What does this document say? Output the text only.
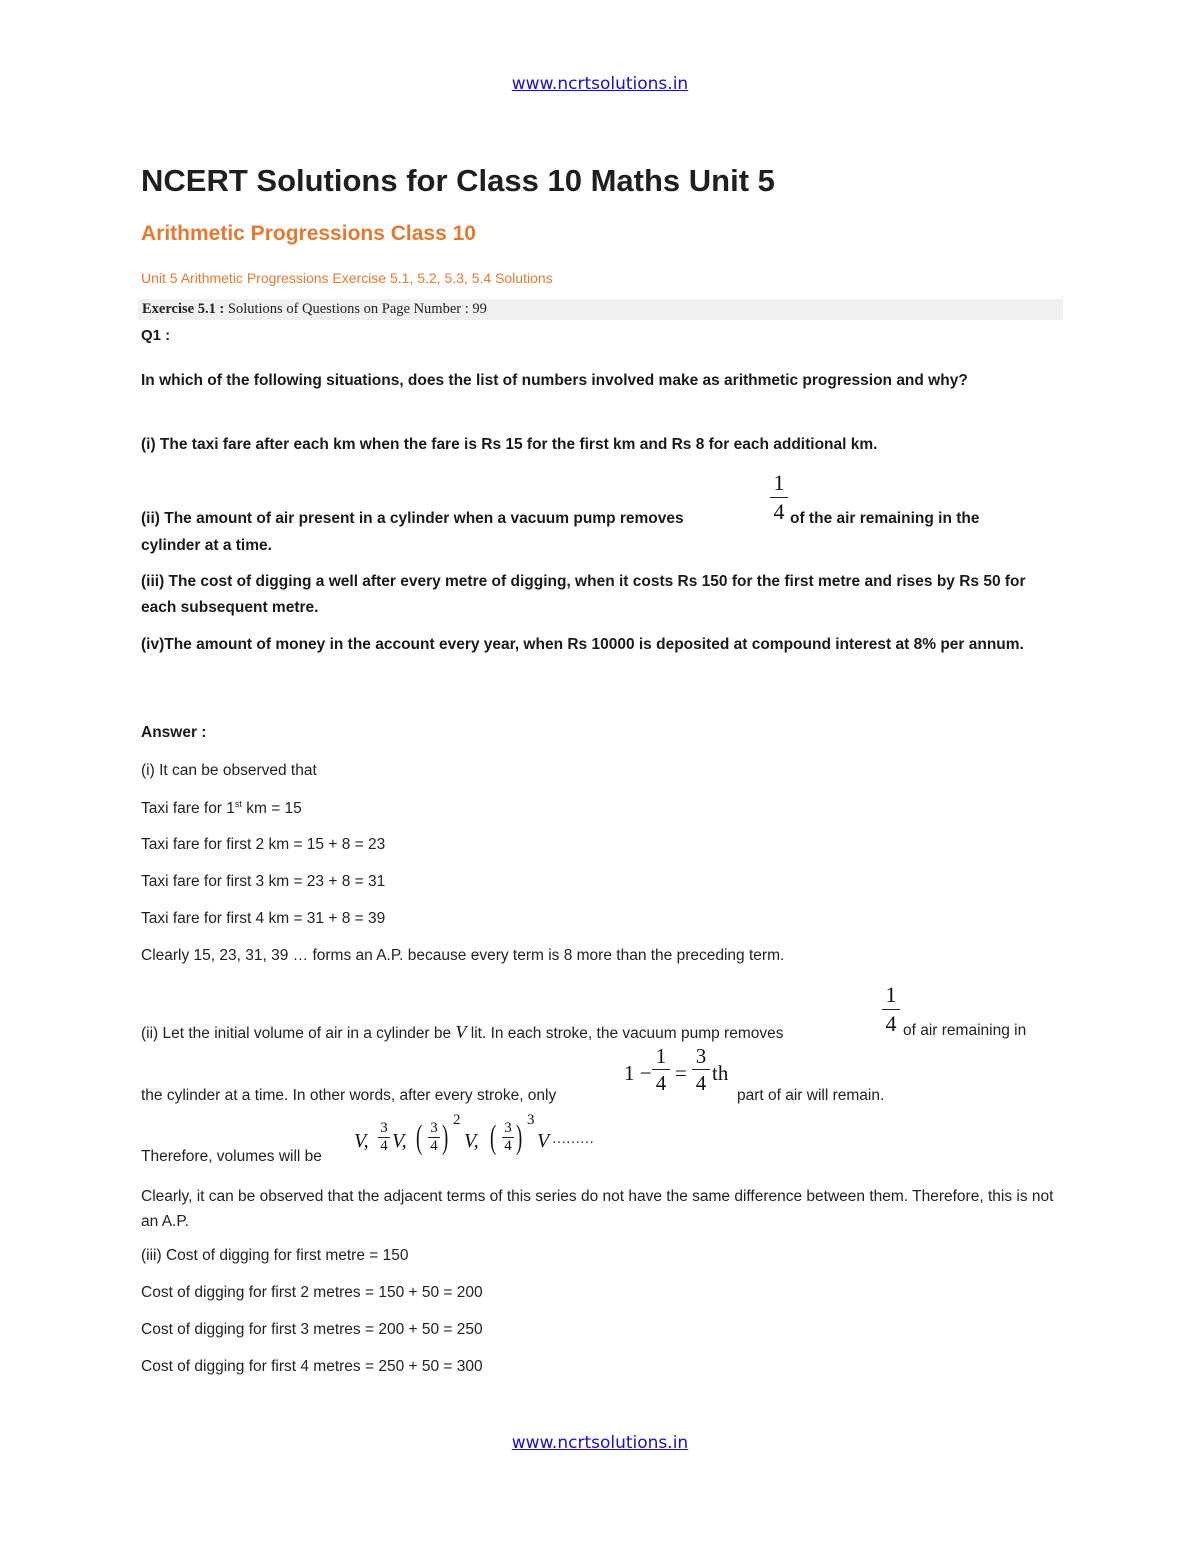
www.ncrtsolutions.in
NCERT Solutions for Class 10 Maths Unit 5
Arithmetic Progressions Class 10
Unit 5 Arithmetic Progressions Exercise 5.1, 5.2, 5.3, 5.4 Solutions
Exercise 5.1 : Solutions of Questions on Page Number : 99
Q1 :
In which of the following situations, does the list of numbers involved make as arithmetic progression and why?
(i) The taxi fare after each km when the fare is Rs 15 for the first km and Rs 8 for each additional km.
(ii) The amount of air present in a cylinder when a vacuum pump removes
1
4 of the air remaining in the
cylinder at a time.
(iii) The cost of digging a well after every metre of digging, when it costs Rs 150 for the first metre and rises by Rs 50 for each subsequent metre.
(iv)The amount of money in the account every year, when Rs 10000 is deposited at compound interest at 8% per annum.
Answer :
(i) It can be observed that
Taxi fare for 1st km = 15
Taxi fare for first 2 km = 15 + 8 = 23
Taxi fare for first 3 km = 23 + 8 = 31
Taxi fare for first 4 km = 31 + 8 = 39
Clearly 15, 23, 31, 39 … forms an A.P. because every term is 8 more than the preceding term.
(ii) Let the initial volume of air in a cylinder be V lit. In each stroke, the vacuum pump removes
1
4 of air remaining in
the cylinder at a time. In other words, after every stroke, only
1 −
1
4 =
3
4 th
part of air will remain.
Therefore, volumes will be
V,
3

4 V, ( 3

4 ) 2
V, ( 3

4 ) 3
V ………
Clearly, it can be observed that the adjacent terms of this series do not have the same difference between them. Therefore, this is not an A.P.
(iii) Cost of digging for first metre = 150
Cost of digging for first 2 metres = 150 + 50 = 200
Cost of digging for first 3 metres = 200 + 50 = 250
Cost of digging for first 4 metres = 250 + 50 = 300
www.ncrtsolutions.in
